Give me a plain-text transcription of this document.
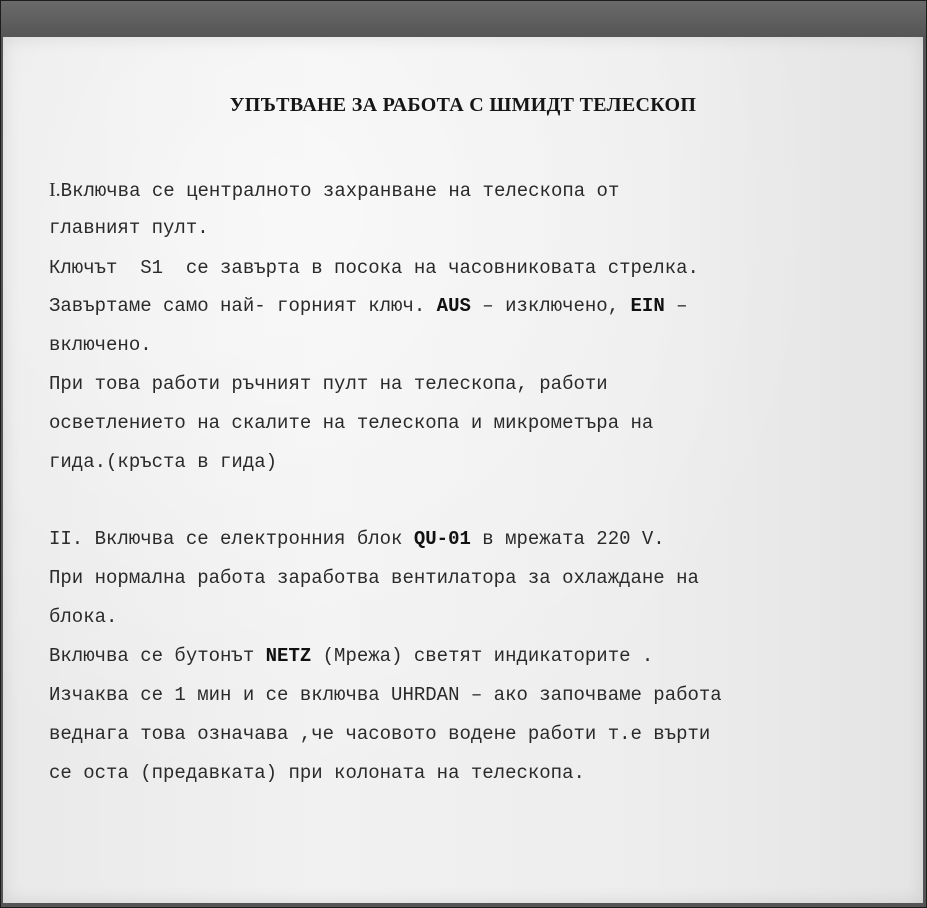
УПЪТВАНЕ ЗА РАБОТА С ШМИДТ ТЕЛЕСКОП
I.Включва се централното захранване на телескопа от
главният пулт.
Ключът  S1  се завърта в посока на часовниковата стрелка.
Завъртаме само най- горният ключ. AUS – изключено, EIN –
включено.
При това работи ръчният пулт на телескопа, работи
осветлението на скалите на телескопа и микрометъра на
гида.(кръста в гида)
II. Включва се електронния блок QU-01 в мрежата 220 V.
При нормална работа заработва вентилатора за охлаждане на
блока.
Включва се бутонът NETZ (Мрежа) светят индикаторите .
Изчаква се 1 мин и се включва UHRDAN – ако започваме работа
веднага това означава ,че часовото водене работи т.е върти
се оста (предавката) при колоната на телескопа.
